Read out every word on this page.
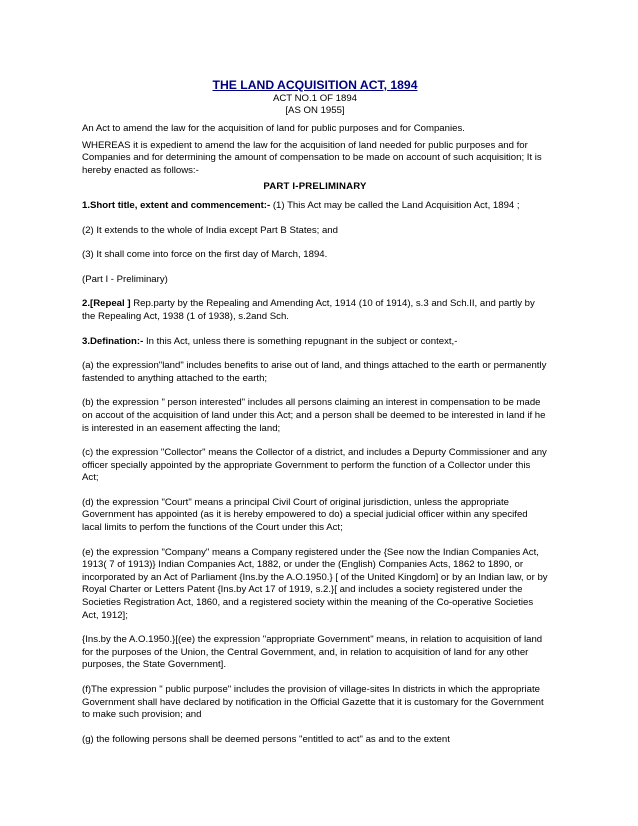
THE LAND ACQUISITION ACT, 1894
ACT NO.1 OF 1894
[AS ON 1955]

An Act to amend the law for the acquisition of land for public purposes and for Companies.

WHEREAS it is expedient to amend the law for the acquisition of land needed for public purposes and for Companies and for determining the amount of compensation to be made on account of such acquisition; It is hereby enacted as follows:-

PART I-PRELIMINARY

1.Short title, extent and commencement:- (1) This Act may be called the Land Acquisition Act, 1894 ;

(2) It extends to the whole of India except Part B States; and

(3) It shall come into force on the first day of March, 1894.

(Part I - Preliminary)

2.[Repeal ] Rep.party by the Repealing and Amending Act, 1914 (10 of 1914), s.3 and Sch.II, and partly by the Repealing Act, 1938 (1 of 1938), s.2and Sch.

3.Defination:- In this Act, unless there is something repugnant in the subject or context,-

(a) the expression"land" includes benefits to arise out of land, and things attached to the earth or permanently fastended to anything attached to the earth;

(b) the expression " person interested" includes all persons claiming an interest in compensation to be made on accout of the acquisition of land under this Act; and a person shall be deemed to be interested in land if he is interested in an easement affecting the land;

(c) the expression "Collector" means the Collector of a district, and includes a Depurty Commissioner and any officer specially appointed by the appropriate Government to perform the function of a Collector under this Act;

(d) the expression "Court" means a principal Civil Court of original jurisdiction, unless the appropriate Government has appointed (as it is hereby empowered to do) a special judicial officer within any specifed lacal limits to perfom the functions of the Court under this Act;

(e) the expression "Company" means a Company registered under the {See now the Indian Companies Act, 1913( 7 of 1913)} Indian Companies Act, 1882, or under the (English) Companies Acts, 1862 to 1890, or incorporated by an Act of Parliament {Ins.by the A.O.1950.} [ of the United Kingdom] or by an Indian law, or by Royal Charter or Letters Patent {Ins.by Act 17 of 1919, s.2.}[ and includes a society registered under the Societies Registration Act, 1860, and a registered society within the meaning of the Co-operative Societies Act, 1912];

{Ins.by the A.O.1950.}[(ee) the expression "appropriate Government" means, in relation to acquisition of land for the purposes of the Union, the Central Government, and, in relation to acquisition of land for any other purposes, the State Government].

(f)The expression " public purpose" includes the provision of village-sites In districts in which the appropriate Government shall have declared by notification in the Official Gazette that it is customary for the Government to make such provision; and

(g) the following persons shall be deemed persons "entitled to act" as and to the extent
